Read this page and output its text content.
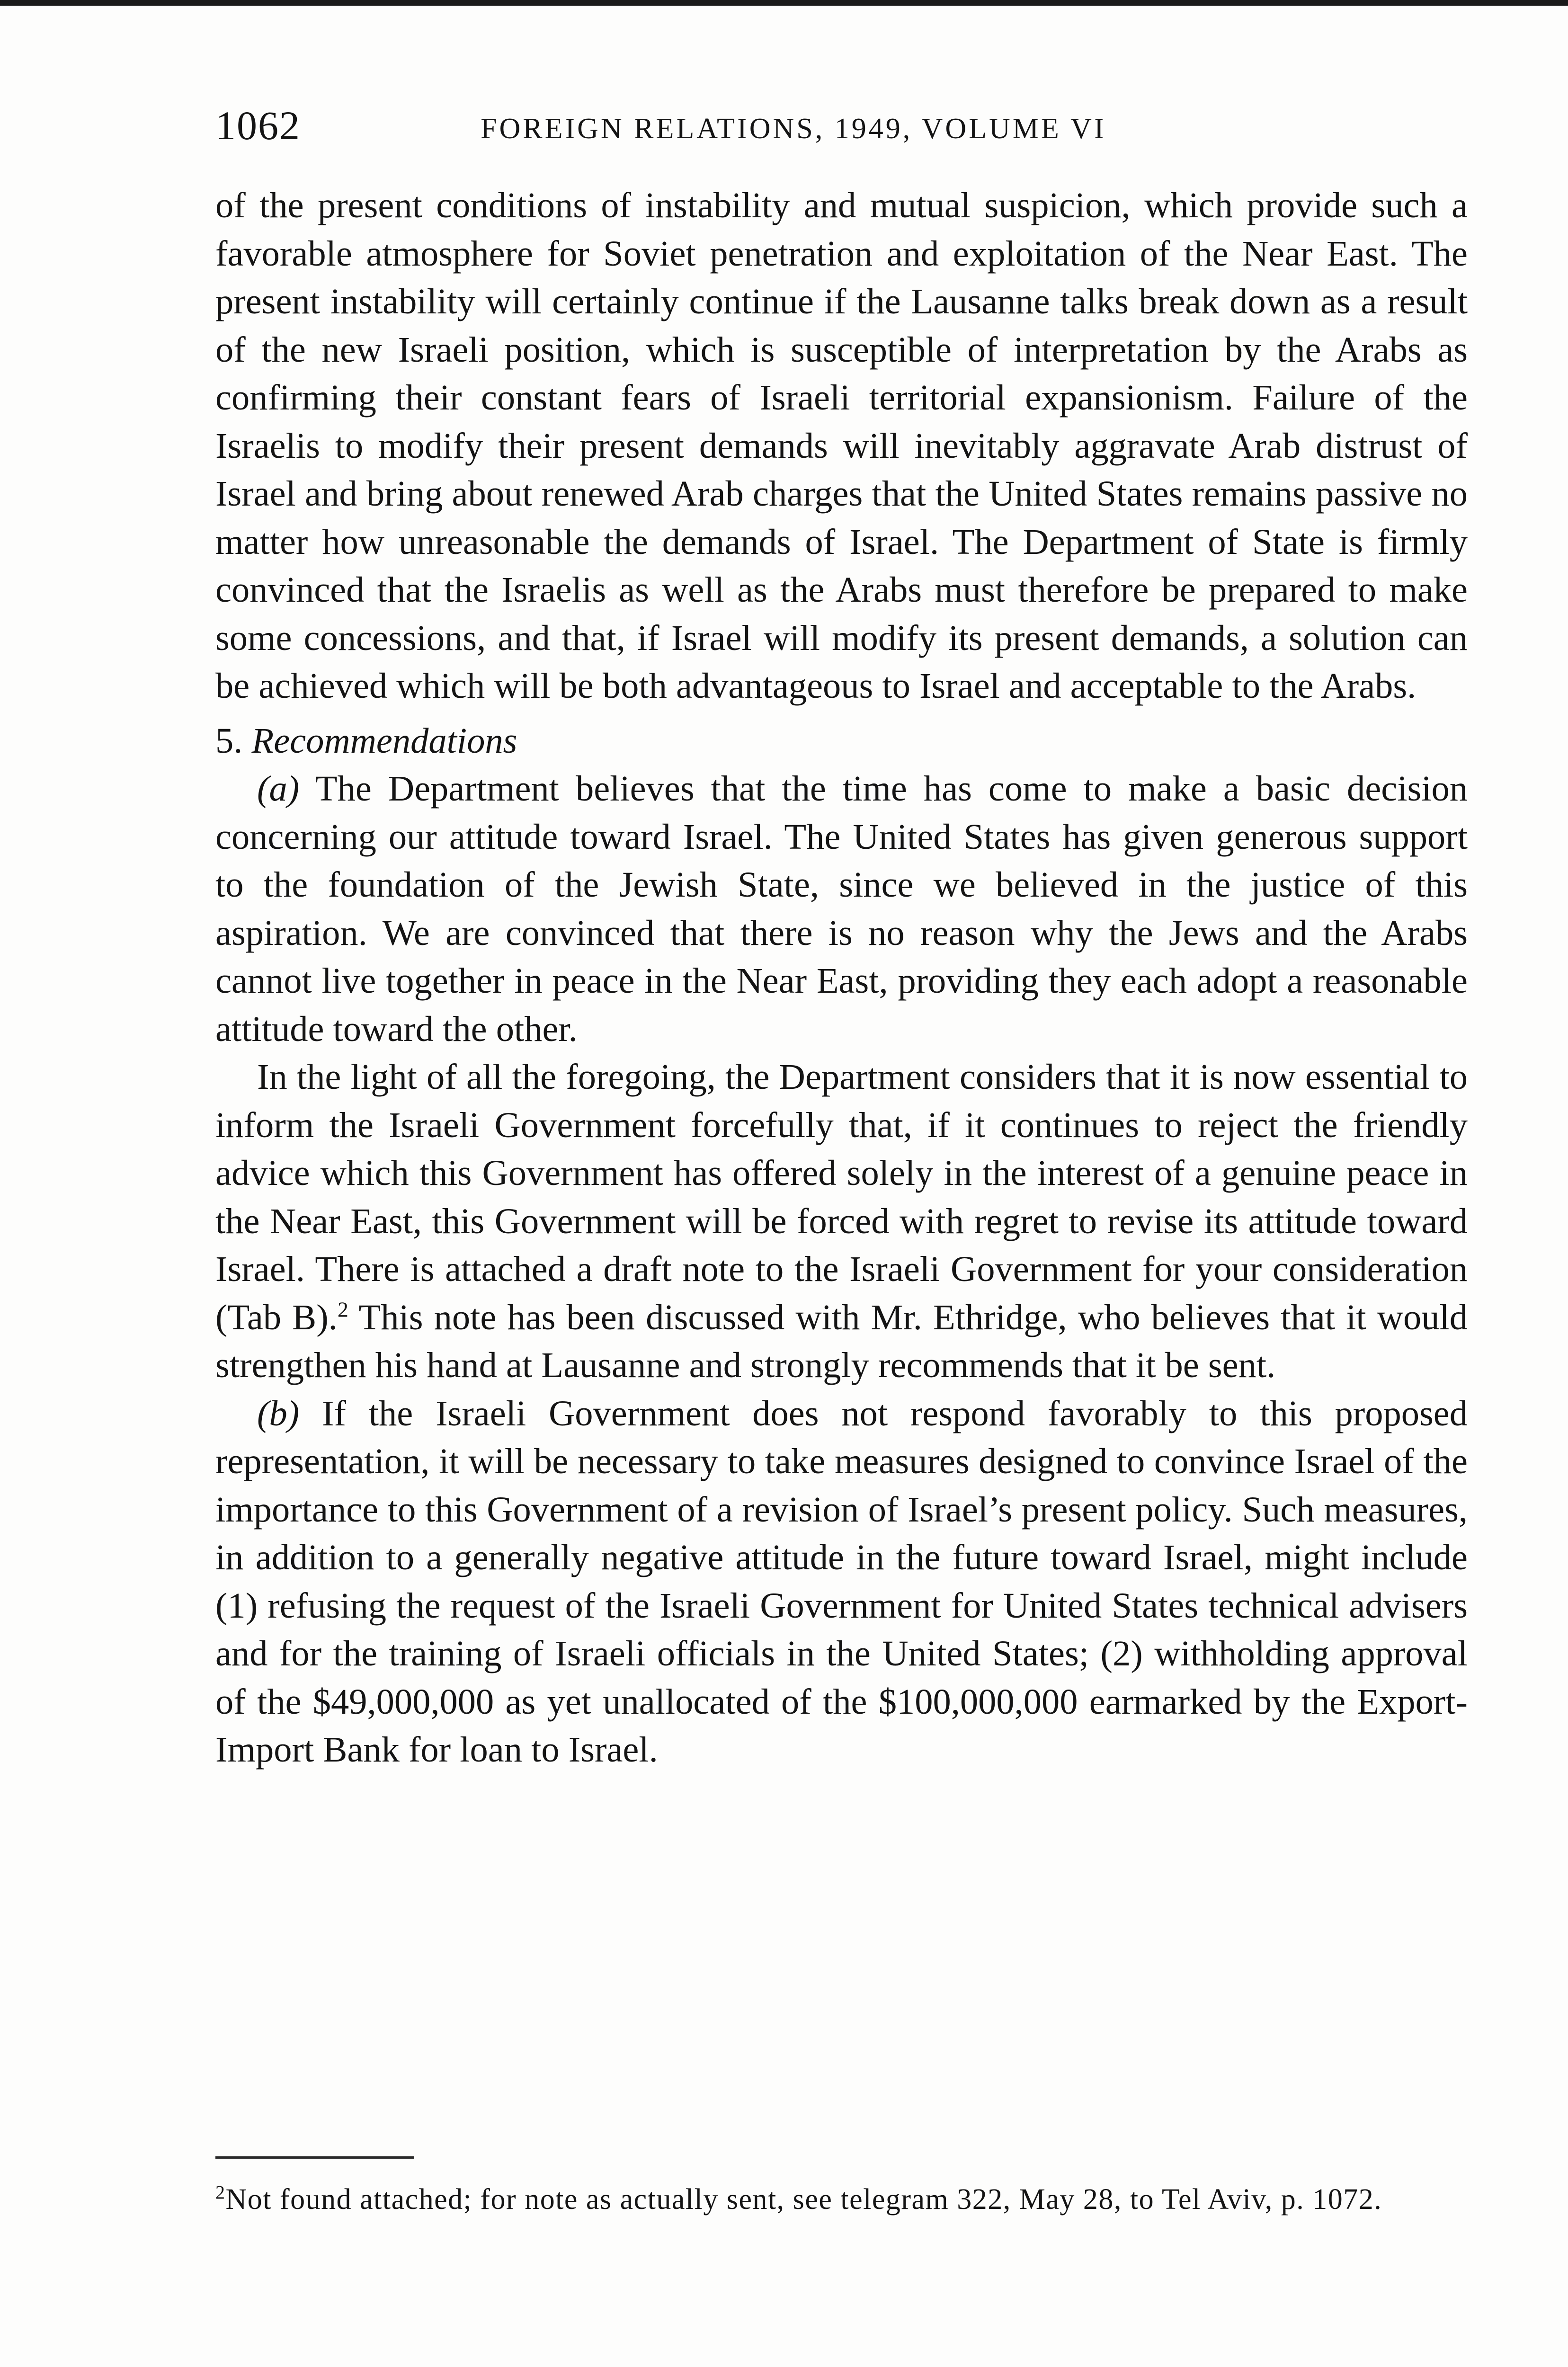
1062	FOREIGN RELATIONS, 1949, VOLUME VI

of the present conditions of instability and mutual suspicion, which provide such a favorable atmosphere for Soviet penetration and exploitation of the Near East. The present instability will certainly continue if the Lausanne talks break down as a result of the new Israeli position, which is susceptible of interpretation by the Arabs as confirming their constant fears of Israeli territorial expansionism. Failure of the Israelis to modify their present demands will inevitably aggravate Arab distrust of Israel and bring about renewed Arab charges that the United States remains passive no matter how unreasonable the demands of Israel. The Department of State is firmly convinced that the Israelis as well as the Arabs must therefore be prepared to make some concessions, and that, if Israel will modify its present demands, a solution can be achieved which will be both advantageous to Israel and acceptable to the Arabs.

5. Recommendations

(a) The Department believes that the time has come to make a basic decision concerning our attitude toward Israel. The United States has given generous support to the foundation of the Jewish State, since we believed in the justice of this aspiration. We are convinced that there is no reason why the Jews and the Arabs cannot live together in peace in the Near East, providing they each adopt a reasonable attitude toward the other.

In the light of all the foregoing, the Department considers that it is now essential to inform the Israeli Government forcefully that, if it continues to reject the friendly advice which this Government has offered solely in the interest of a genuine peace in the Near East, this Government will be forced with regret to revise its attitude toward Israel. There is attached a draft note to the Israeli Government for your consideration (Tab B).$^2$ This note has been discussed with Mr. Ethridge, who believes that it would strengthen his hand at Lausanne and strongly recommends that it be sent.

(b) If the Israeli Government does not respond favorably to this proposed representation, it will be necessary to take measures designed to convince Israel of the importance to this Government of a revision of Israel’s present policy. Such measures, in addition to a generally negative attitude in the future toward Israel, might include (1) refusing the request of the Israeli Government for United States technical advisers and for the training of Israeli officials in the United States; (2) withholding approval of the $49,000,000 as yet unallocated of the $100,000,000 earmarked by the Export-Import Bank for loan to Israel.

$^2$Not found attached; for note as actually sent, see telegram 322, May 28, to Tel Aviv, p. 1072.
